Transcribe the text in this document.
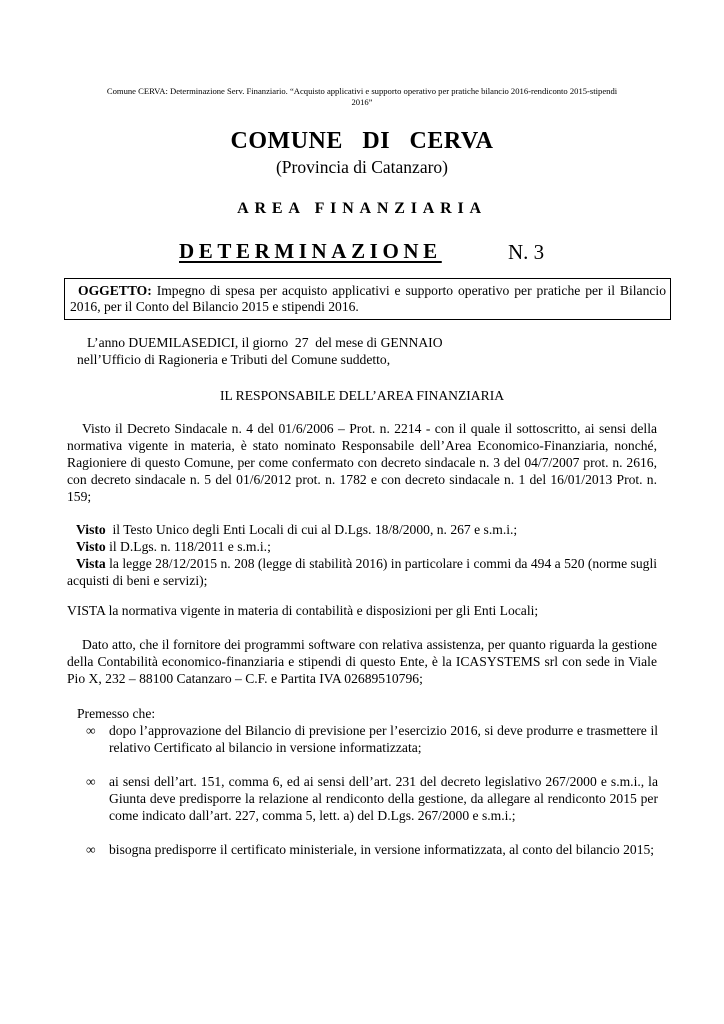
Comune CERVA: Determinazione Serv. Finanziario. “Acquisto applicativi e supporto operativo per pratiche bilancio 2016-rendiconto 2015-stipendi
2016”
COMUNE   DI   CERVA
(Provincia di Catanzaro)
AREA FINANZIARIA
DETERMINAZIONE	N. 3
OGGETTO: Impegno di spesa per acquisto applicativi e supporto operativo per pratiche per il Bilancio 2016, per il Conto del Bilancio 2015 e stipendi 2016.
L’anno DUEMILASEDICI, il giorno  27  del mese di GENNAIO
nell’Ufficio di Ragioneria e Tributi del Comune suddetto,
IL RESPONSABILE DELL’AREA FINANZIARIA
Visto il Decreto Sindacale n. 4 del 01/6/2006 – Prot. n. 2214 - con il quale il sottoscritto, ai sensi della normativa vigente in materia, è stato nominato Responsabile dell’Area Economico-Finanziaria, nonché, Ragioniere di questo Comune, per come confermato con decreto sindacale n. 3 del 04/7/2007 prot. n. 2616, con decreto sindacale n. 5 del 01/6/2012 prot. n. 1782 e con decreto sindacale n. 1 del 16/01/2013 Prot. n. 159;
Visto il Testo Unico degli Enti Locali di cui al D.Lgs. 18/8/2000, n. 267 e s.m.i.;
Visto il D.Lgs. n. 118/2011 e s.m.i.;
Vista la legge 28/12/2015 n. 208 (legge di stabilità 2016) in particolare i commi da 494 a 520 (norme sugli acquisti di beni e servizi);
VISTA la normativa vigente in materia di contabilità e disposizioni per gli Enti Locali;
Dato atto, che il fornitore dei programmi software con relativa assistenza, per quanto riguarda la gestione della Contabilità economico-finanziaria e stipendi di questo Ente, è la ICASYSTEMS srl con sede in Viale Pio X, 232 – 88100 Catanzaro – C.F. e Partita IVA 02689510796;
Premesso che:
∞ dopo l’approvazione del Bilancio di previsione per l’esercizio 2016, si deve produrre e trasmettere il relativo Certificato al bilancio in versione informatizzata;
∞ ai sensi dell’art. 151, comma 6, ed ai sensi dell’art. 231 del decreto legislativo 267/2000 e s.m.i., la Giunta deve predisporre la relazione al rendiconto della gestione, da allegare al rendiconto 2015 per come indicato dall’art. 227, comma 5, lett. a) del D.Lgs. 267/2000 e s.m.i.;
∞ bisogna predisporre il certificato ministeriale, in versione informatizzata, al conto del bilancio 2015;
